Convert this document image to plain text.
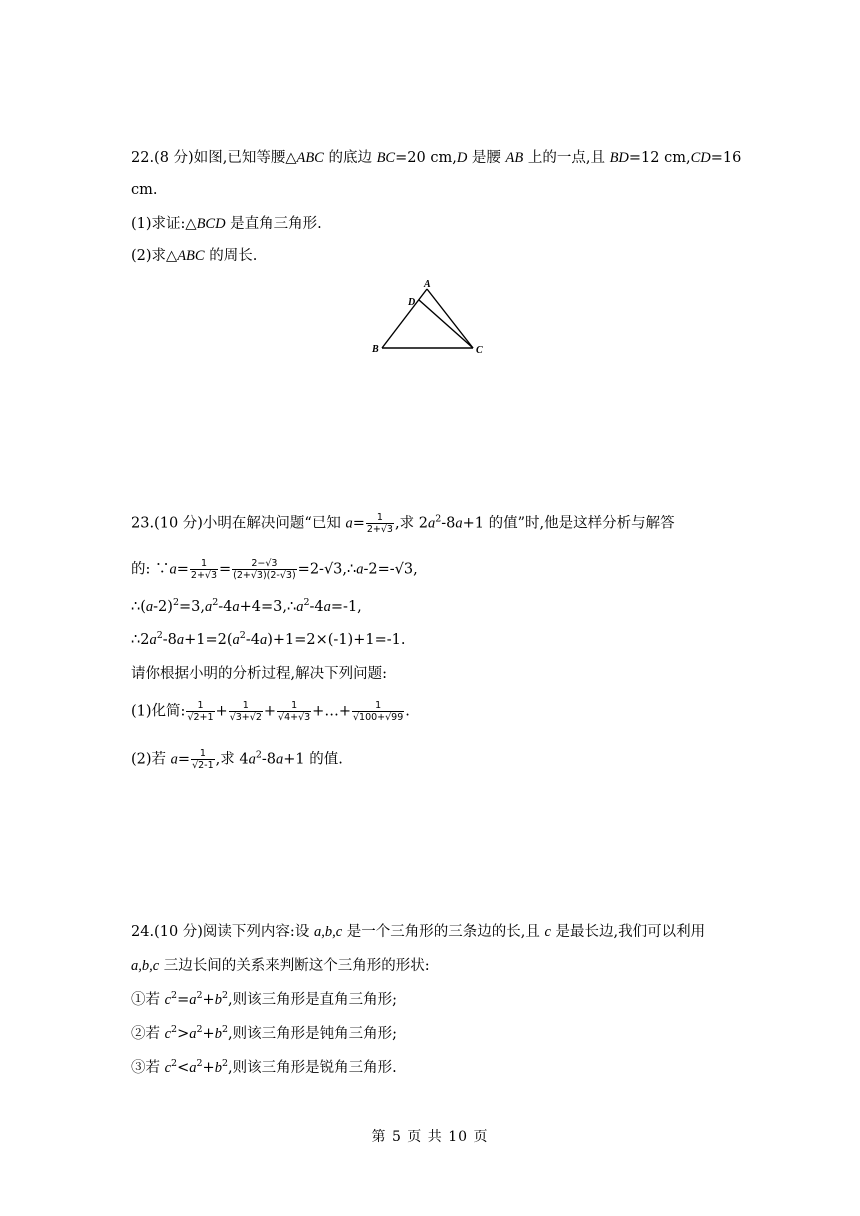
22.(8 分)如图,已知等腰△ABC 的底边 BC=20 cm,D 是腰 AB 上的一点,且 BD=12 cm,CD=16
cm.
(1)求证:△BCD 是直角三角形.
(2)求△ABC 的周长.
A
D
B	C
23.(10 分)小明在解决问题“已知 $a= \frac{1}{2+√3}$ ,求 $2a^2-8a+1$ 的值”时,他是这样分析与解答
的: ∵a= $\frac{1}{2+√3} = \frac{2-√3}{(2+√3)(2-√3)}$ =2-√3,∴a-2=-√3,
$\therefore(a-2)^2=3,a^2-4a+4=3,\therefore a^2-4a=-1$,
$\therefore 2a^2-8a+1=2(a^2-4a)+1=2\times(-1)+1=-1$.
请你根据小明的分析过程,解决下列问题:
(1)化简: $\frac{1}{√2+1} + \frac{1}{√3+√2} + \frac{1}{√4+√3}$ +…+ $\frac{1}{√100+√99}$ .
(2)若 $a= \frac{1}{√2-1}$ ,求 $4a^2-8a+1$ 的值.
24.(10 分)阅读下列内容:设 a,b,c 是一个三角形的三条边的长,且 c 是最长边,我们可以利用
a,b,c 三边长间的关系来判断这个三角形的形状:
①若 $c^2=a^2+b^2$,则该三角形是直角三角形;
②若 $c^2>a^2+b^2$,则该三角形是钝角三角形;
③若 $c^2<a^2+b^2$,则该三角形是锐角三角形.
第 5 页 共 10 页
